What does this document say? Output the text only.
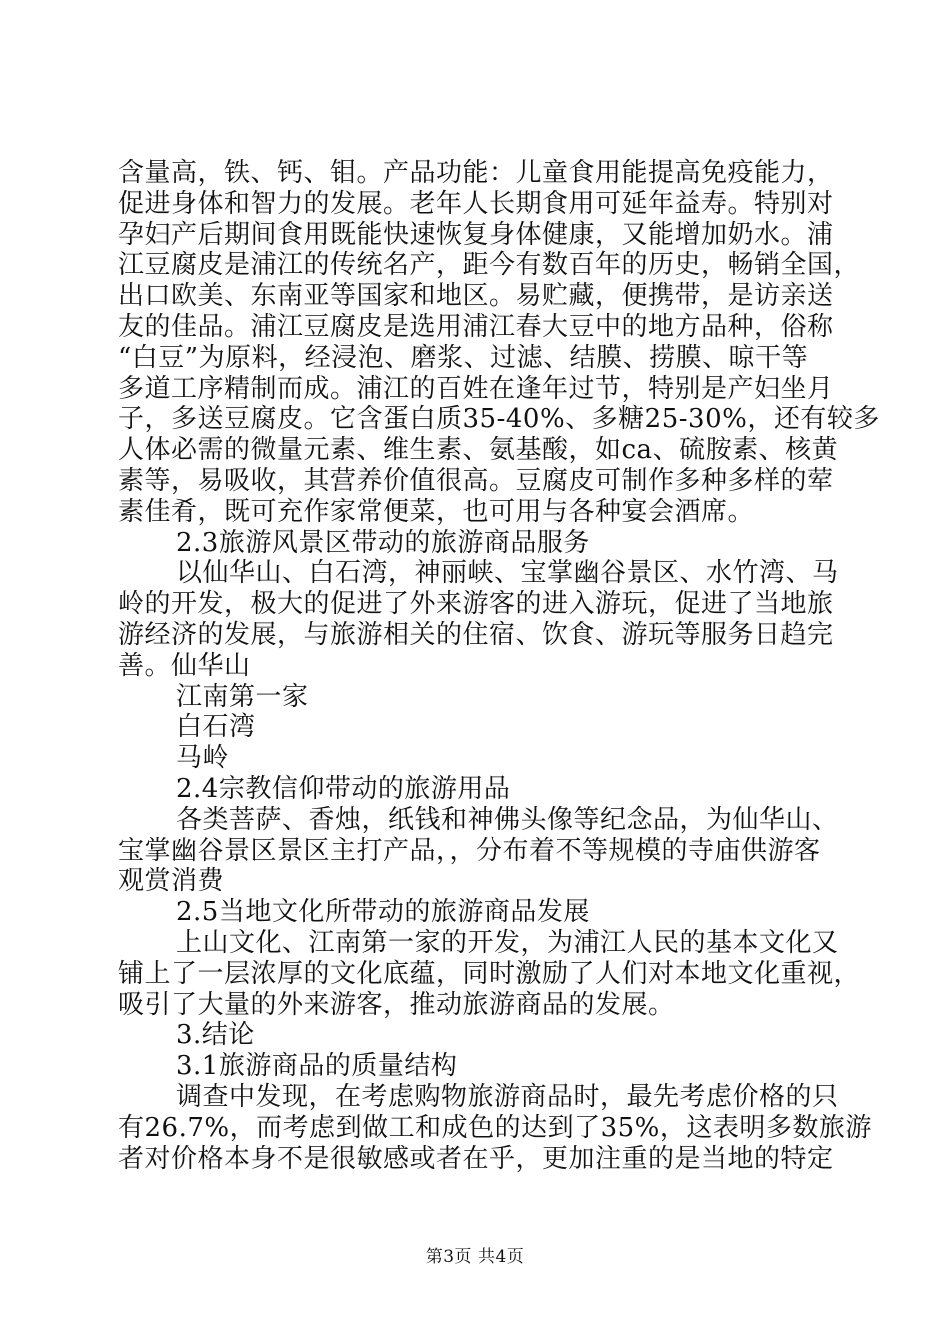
含量高，铁、钙、钼。产品功能：儿童食用能提高免疫能力，
促进身体和智力的发展。老年人长期食用可延年益寿。特别对
孕妇产后期间食用既能快速恢复身体健康，又能增加奶水。浦
江豆腐皮是浦江的传统名产，距今有数百年的历史，畅销全国，
出口欧美、东南亚等国家和地区。易贮藏，便携带，是访亲送
友的佳品。浦江豆腐皮是选用浦江春大豆中的地方品种，俗称
“白豆”为原料，经浸泡、磨浆、过滤、结膜、捞膜、晾干等
多道工序精制而成。浦江的百姓在逢年过节，特别是产妇坐月
子，多送豆腐皮。它含蛋白质35-40%、多糖25-30%，还有较多
人体必需的微量元素、维生素、氨基酸，如ca、硫胺素、核黄
素等，易吸收，其营养价值很高。豆腐皮可制作多种多样的荤
素佳肴，既可充作家常便菜，也可用与各种宴会酒席。
2.3旅游风景区带动的旅游商品服务
以仙华山、白石湾，神丽峡、宝掌幽谷景区、水竹湾、马
岭的开发，极大的促进了外来游客的进入游玩，促进了当地旅
游经济的发展，与旅游相关的住宿、饮食、游玩等服务日趋完
善。仙华山
江南第一家
白石湾
马岭
2.4宗教信仰带动的旅游用品
各类菩萨、香烛，纸钱和神佛头像等纪念品，为仙华山、
宝掌幽谷景区景区主打产品，，分布着不等规模的寺庙供游客
观赏消费
2.5当地文化所带动的旅游商品发展
上山文化、江南第一家的开发，为浦江人民的基本文化又
铺上了一层浓厚的文化底蕴，同时激励了人们对本地文化重视，
吸引了大量的外来游客，推动旅游商品的发展。
3.结论
3.1旅游商品的质量结构
调查中发现，在考虑购物旅游商品时，最先考虑价格的只
有26.7%，而考虑到做工和成色的达到了35%，这表明多数旅游
者对价格本身不是很敏感或者在乎，更加注重的是当地的特定
第3页 共4页
